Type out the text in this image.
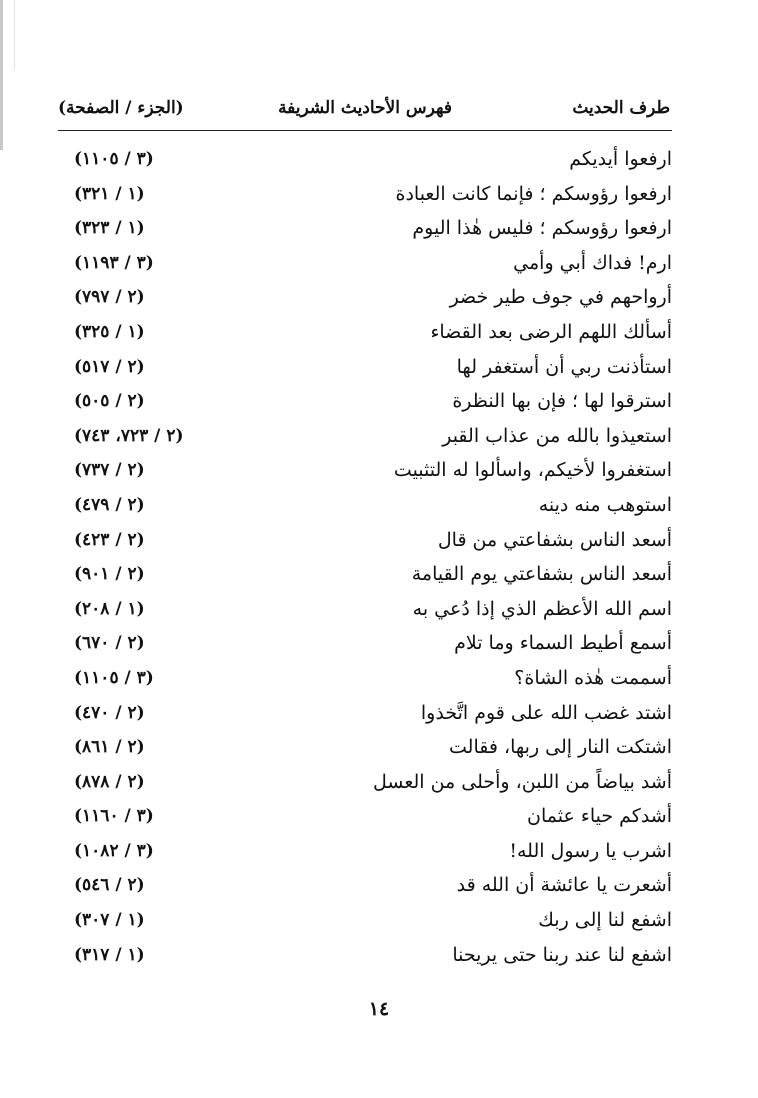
طرف الحديث
فهرس الأحاديث الشريفة
(الجزء / الصفحة)
ارفعوا أيديكم
(٣ / ١١٠٥)
ارفعوا رؤوسكم ؛ فإنما كانت العبادة
(١ / ٣٢١)
ارفعوا رؤوسكم ؛ فليس هٰذا اليوم
(١ / ٣٢٣)
ارم! فداك أبي وأمي
(٣ / ١١٩٣)
أرواحهم في جوف طير خضر
(٢ / ٧٩٧)
أسألك اللهم الرضى بعد القضاء
(١ / ٣٢٥)
استأذنت ربي أن أستغفر لها
(٢ / ٥١٧)
استرقوا لها ؛ فإن بها النظرة
(٢ / ٥٠٥)
استعيذوا بالله من عذاب القبر
(٢ / ٧٢٣، ٧٤٣)
استغفروا لأخيكم، واسألوا له التثبيت
(٢ / ٧٣٧)
استوهب منه دينه
(٢ / ٤٧٩)
أسعد الناس بشفاعتي من قال
(٢ / ٤٢٣)
أسعد الناس بشفاعتي يوم القيامة
(٢ / ٩٠١)
اسم الله الأعظم الذي إذا دُعي به
(١ / ٢٠٨)
أسمع أطيط السماء وما تلام
(٢ / ٦٧٠)
أسممت هٰذه الشاة؟
(٣ / ١١٠٥)
اشتد غضب الله على قوم اتَّخذوا
(٢ / ٤٧٠)
اشتكت النار إلى ربها، فقالت
(٢ / ٨٦١)
أشد بياضاً من اللبن، وأحلى من العسل
(٢ / ٨٧٨)
أشدكم حياء عثمان
(٣ / ١١٦٠)
اشرب يا رسول الله!
(٣ / ١٠٨٢)
أشعرت يا عائشة أن الله قد
(٢ / ٥٤٦)
اشفع لنا إلى ربك
(١ / ٣٠٧)
اشفع لنا عند ربنا حتى يريحنا
(١ / ٣١٧)
١٤
